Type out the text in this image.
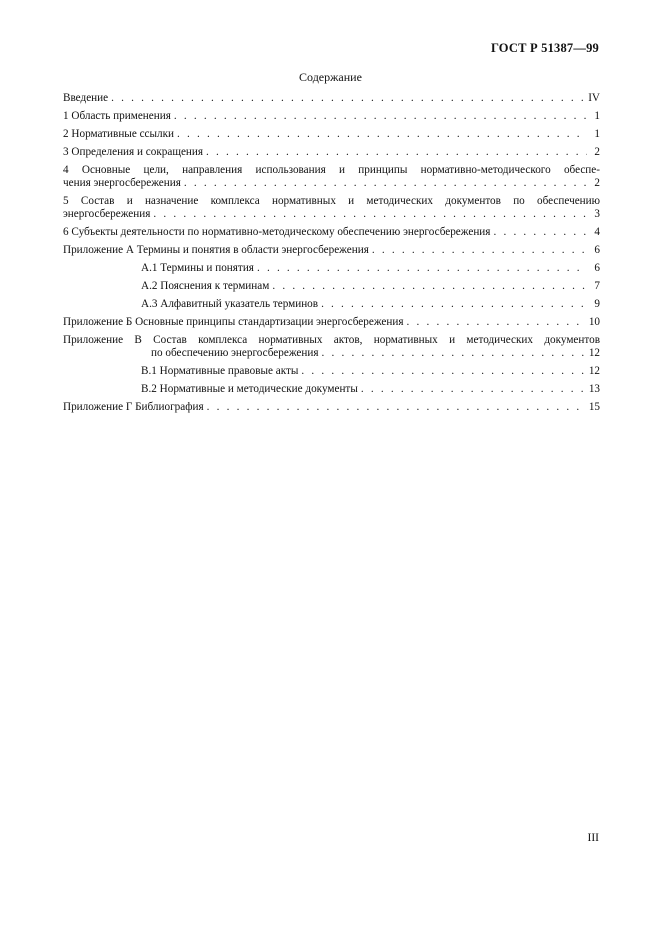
ГОСТ Р 51387—99
Содержание
Введение . . .	IV
1 Область применения . . .	1
2 Нормативные ссылки . . .	1
3 Определения и сокращения . . .	2
4 Основные цели, направления использования и принципы нормативно-методического обеспе-
чения энергосбережения . . .	2
5 Состав и назначение комплекса нормативных и методических документов по обеспечению
энергосбережения . . .	3
6 Субъекты деятельности по нормативно-методическому обеспечению энергосбережения . . .	4
Приложение А Термины и понятия в области энергосбережения . . .	6
А.1 Термины и понятия . . .	6
А.2 Пояснения к терминам . . .	7
А.3 Алфавитный указатель терминов . . .	9
Приложение Б Основные принципы стандартизации энергосбережения . . .	10
Приложение В Состав комплекса нормативных актов, нормативных и методических документов
по обеспечению энергосбережения . . .	12
В.1 Нормативные правовые акты . . .	12
В.2 Нормативные и методические документы . . .	13
Приложение Г Библиография . . .	15
III
